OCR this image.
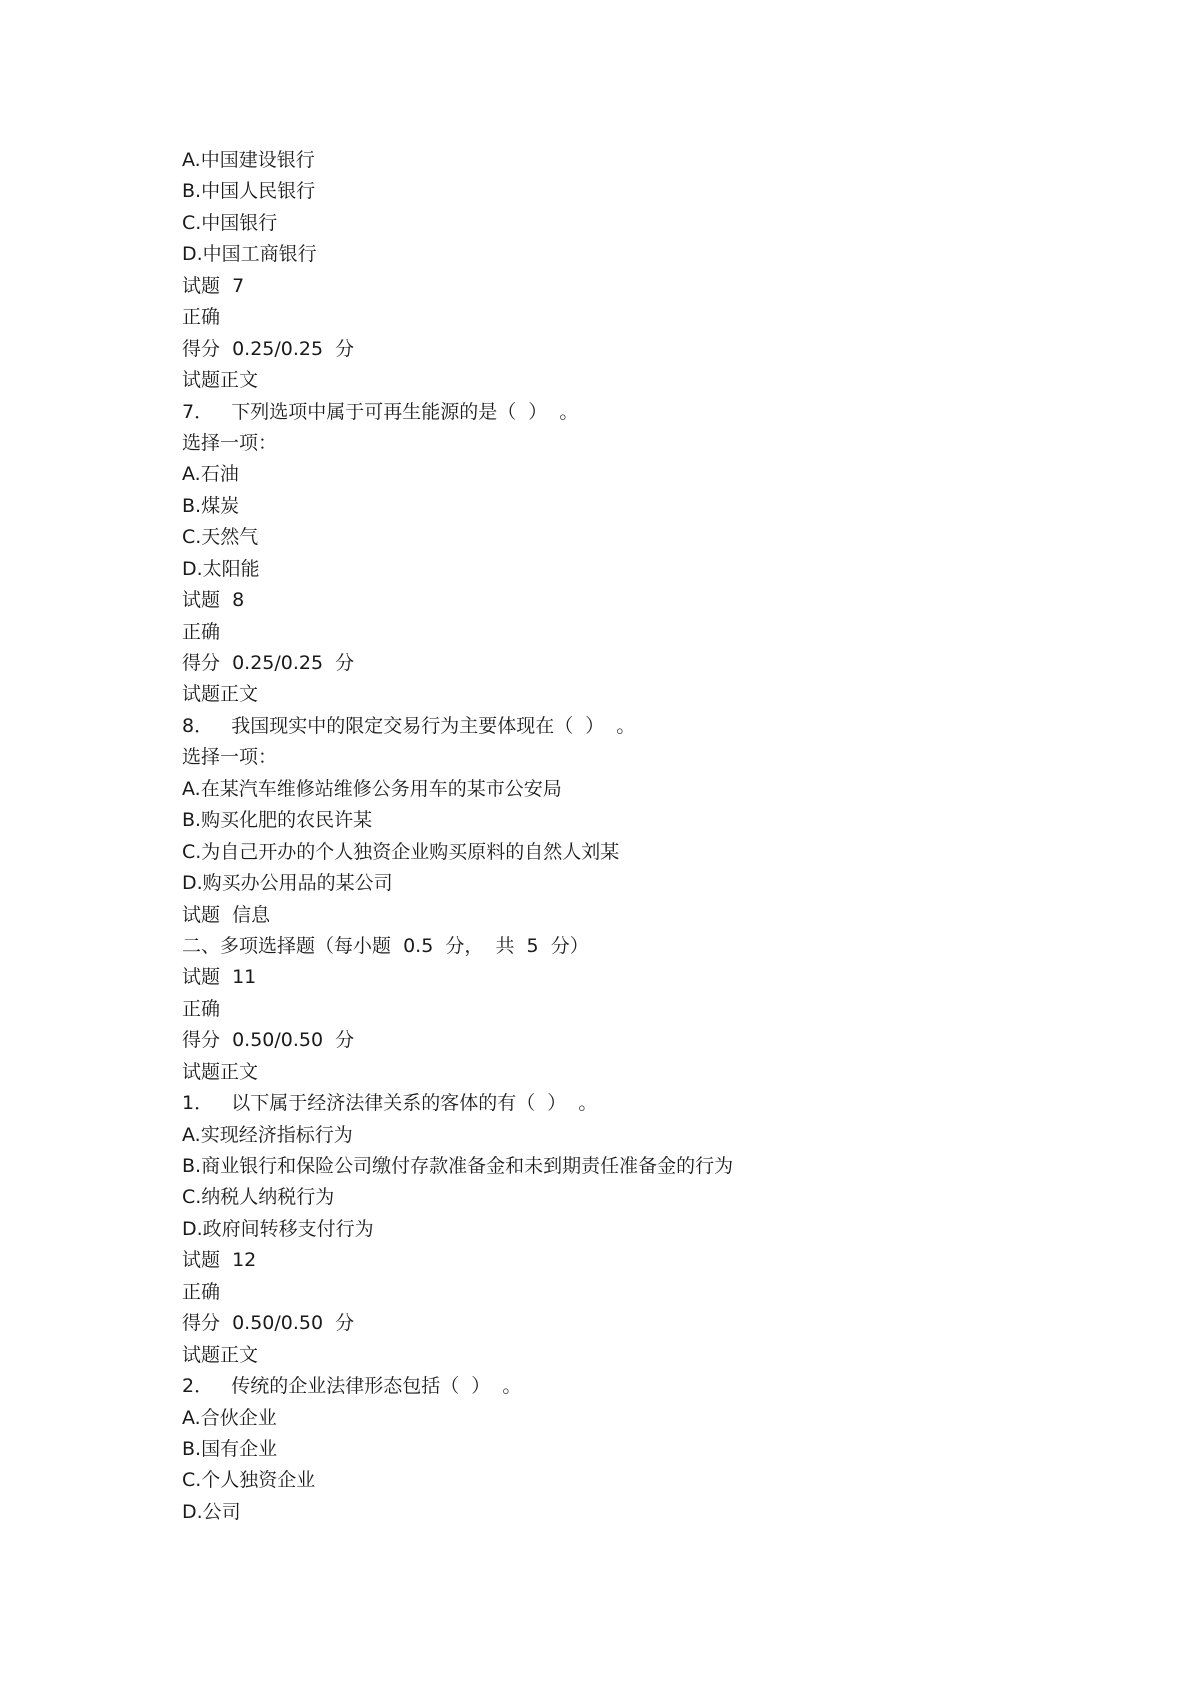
A.中国建设银行
B.中国人民银行
C.中国银行
D.中国工商银行
试题  7
正确
得分  0.25/0.25  分
试题正文
7．   下列选项中属于可再生能源的是（  ）  。
选择一项：
A.石油
B.煤炭
C.天然气
D.太阳能
试题  8
正确
得分  0.25/0.25  分
试题正文
8．   我国现实中的限定交易行为主要体现在（  ）  。
选择一项：
A.在某汽车维修站维修公务用车的某市公安局
B.购买化肥的农民许某
C.为自己开办的个人独资企业购买原料的自然人刘某
D.购买办公用品的某公司
试题  信息
二、多项选择题（每小题  0.5  分，  共  5  分）
试题  11
正确
得分  0.50/0.50  分
试题正文
1．   以下属于经济法律关系的客体的有（  ）  。
A.实现经济指标行为
B.商业银行和保险公司缴付存款准备金和未到期责任准备金的行为
C.纳税人纳税行为
D.政府间转移支付行为
试题  12
正确
得分  0.50/0.50  分
试题正文
2．   传统的企业法律形态包括（  ）  。
A.合伙企业
B.国有企业
C.个人独资企业
D.公司
